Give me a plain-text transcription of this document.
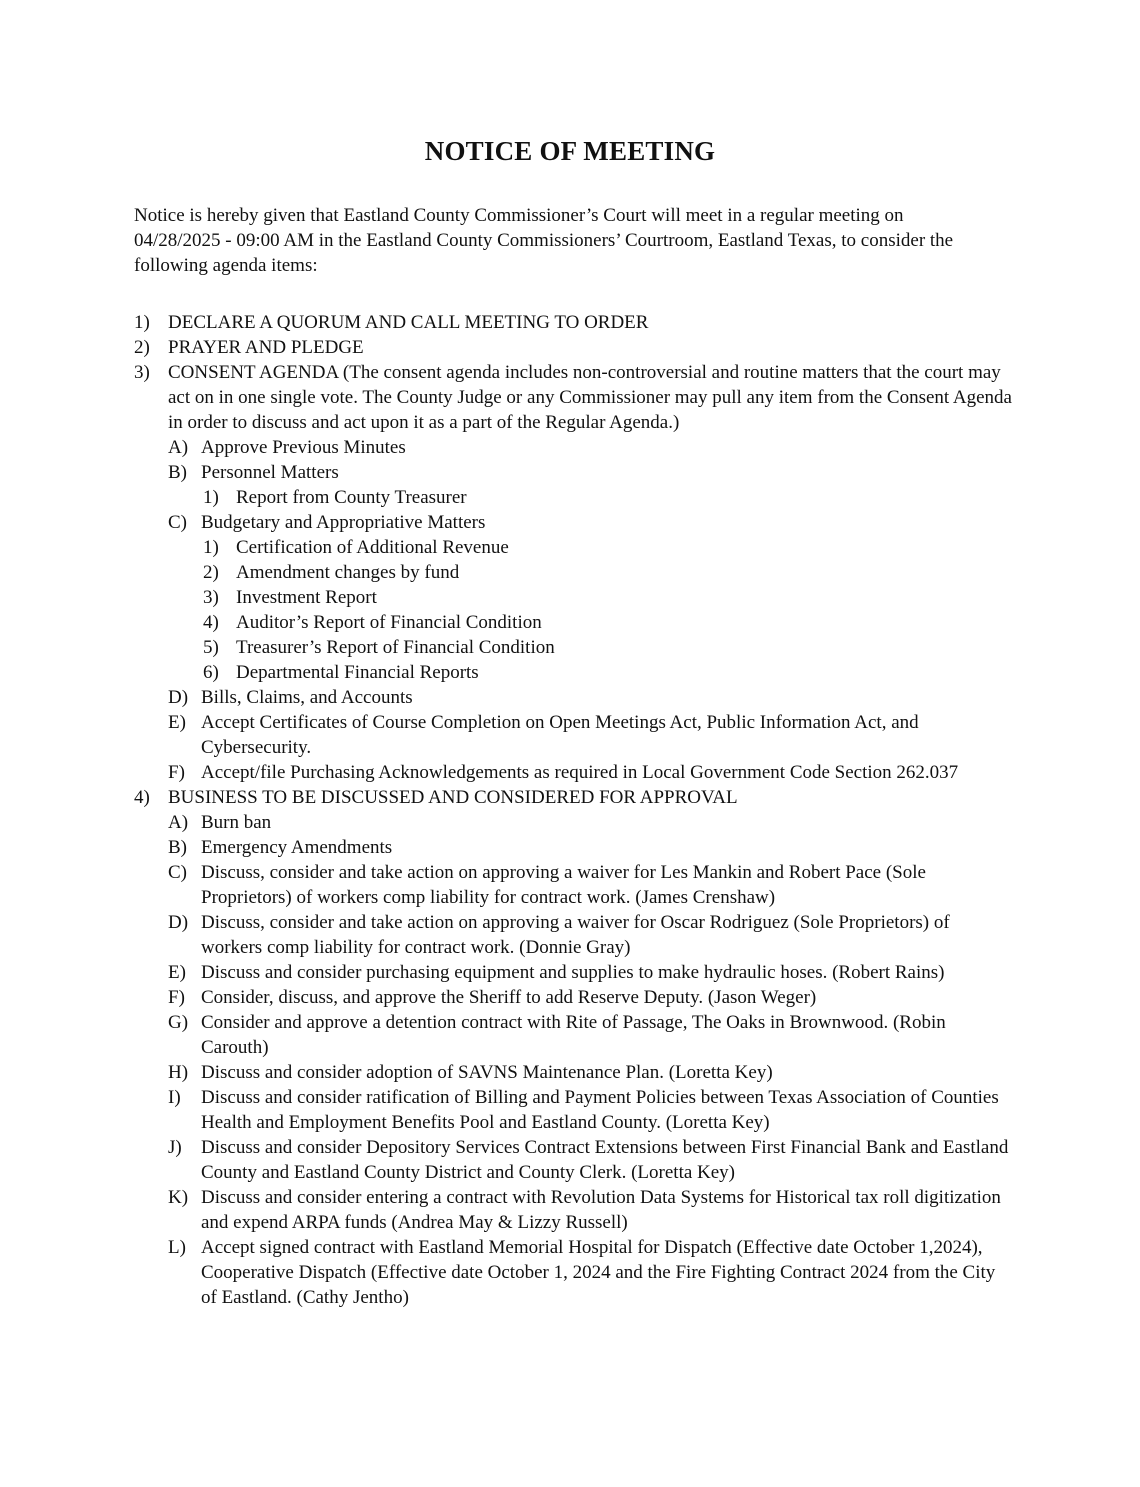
NOTICE OF MEETING

Notice is hereby given that Eastland County Commissioner’s Court will meet in a regular meeting on 04/28/2025 - 09:00 AM in the Eastland County Commissioners’ Courtroom, Eastland Texas, to consider the following agenda items:

1) DECLARE A QUORUM AND CALL MEETING TO ORDER
2) PRAYER AND PLEDGE
3) CONSENT AGENDA (The consent agenda includes non-controversial and routine matters that the court may act on in one single vote. The County Judge or any Commissioner may pull any item from the Consent Agenda in order to discuss and act upon it as a part of the Regular Agenda.)
A) Approve Previous Minutes
B) Personnel Matters
1) Report from County Treasurer
C) Budgetary and Appropriative Matters
1) Certification of Additional Revenue
2) Amendment changes by fund
3) Investment Report
4) Auditor’s Report of Financial Condition
5) Treasurer’s Report of Financial Condition
6) Departmental Financial Reports
D) Bills, Claims, and Accounts
E) Accept Certificates of Course Completion on Open Meetings Act, Public Information Act, and Cybersecurity.
F) Accept/file Purchasing Acknowledgements as required in Local Government Code Section 262.037
4) BUSINESS TO BE DISCUSSED AND CONSIDERED FOR APPROVAL
A) Burn ban
B) Emergency Amendments
C) Discuss, consider and take action on approving a waiver for Les Mankin and Robert Pace (Sole Proprietors) of workers comp liability for contract work. (James Crenshaw)
D) Discuss, consider and take action on approving a waiver for Oscar Rodriguez (Sole Proprietors) of workers comp liability for contract work. (Donnie Gray)
E) Discuss and consider purchasing equipment and supplies to make hydraulic hoses. (Robert Rains)
F) Consider, discuss, and approve the Sheriff to add Reserve Deputy. (Jason Weger)
G) Consider and approve a detention contract with Rite of Passage, The Oaks in Brownwood. (Robin Carouth)
H) Discuss and consider adoption of SAVNS Maintenance Plan. (Loretta Key)
I) Discuss and consider ratification of Billing and Payment Policies between Texas Association of Counties Health and Employment Benefits Pool and Eastland County. (Loretta Key)
J) Discuss and consider Depository Services Contract Extensions between First Financial Bank and Eastland County and Eastland County District and County Clerk. (Loretta Key)
K) Discuss and consider entering a contract with Revolution Data Systems for Historical tax roll digitization and expend ARPA funds (Andrea May & Lizzy Russell)
L) Accept signed contract with Eastland Memorial Hospital for Dispatch (Effective date October 1,2024), Cooperative Dispatch (Effective date October 1, 2024 and the Fire Fighting Contract 2024 from the City of Eastland. (Cathy Jentho)
